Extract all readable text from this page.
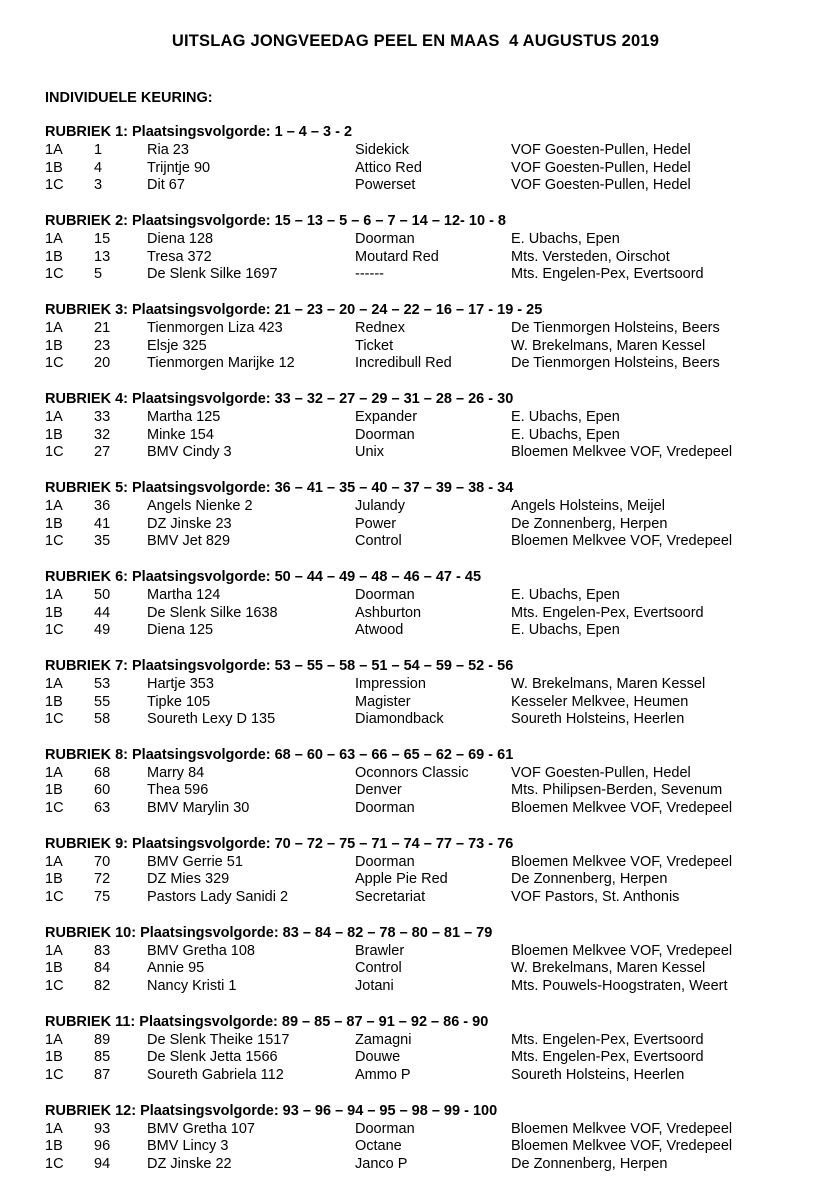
UITSLAG JONGVEEDAG PEEL EN MAAS  4 AUGUSTUS 2019
INDIVIDUELE KEURING:
RUBRIEK 1: Plaatsingsvolgorde: 1 – 4 – 3 - 2
1A 1	Ria 23	Sidekick	VOF Goesten-Pullen, Hedel
1B 4	Trijntje 90	Attico Red	VOF Goesten-Pullen, Hedel
1C 3	Dit 67	Powerset	VOF Goesten-Pullen, Hedel
RUBRIEK 2: Plaatsingsvolgorde: 15 – 13 – 5 – 6 – 7 – 14 – 12- 10 - 8
1A 15	Diena 128	Doorman	E. Ubachs, Epen
1B 13	Tresa 372	Moutard Red	Mts. Versteden, Oirschot
1C 5	De Slenk Silke 1697	------	Mts. Engelen-Pex, Evertsoord
RUBRIEK 3: Plaatsingsvolgorde: 21 – 23 – 20 – 24 – 22 – 16 – 17 - 19 - 25
1A 21	Tienmorgen Liza 423	Rednex	De Tienmorgen Holsteins, Beers
1B 23	Elsje 325	Ticket	W. Brekelmans, Maren Kessel
1C 20	Tienmorgen Marijke 12	Incredibull Red	De Tienmorgen Holsteins, Beers
RUBRIEK 4: Plaatsingsvolgorde: 33 – 32 – 27 – 29 – 31 – 28 – 26 - 30
1A 33	Martha 125	Expander	E. Ubachs, Epen
1B 32	Minke 154	Doorman	E. Ubachs, Epen
1C 27	BMV Cindy 3	Unix	Bloemen Melkvee VOF, Vredepeel
RUBRIEK 5: Plaatsingsvolgorde: 36 – 41 – 35 – 40 – 37 – 39 – 38 - 34
1A 36	Angels Nienke 2	Julandy	Angels Holsteins, Meijel
1B 41	DZ Jinske 23	Power	De Zonnenberg, Herpen
1C 35	BMV Jet 829	Control	Bloemen Melkvee VOF, Vredepeel
RUBRIEK 6: Plaatsingsvolgorde: 50 – 44 – 49 – 48 – 46 – 47 - 45
1A 50	Martha 124	Doorman	E. Ubachs, Epen
1B 44	De Slenk Silke 1638	Ashburton	Mts. Engelen-Pex, Evertsoord
1C 49	Diena 125	Atwood	E. Ubachs, Epen
RUBRIEK 7: Plaatsingsvolgorde: 53 – 55 – 58 – 51 – 54 – 59 – 52 - 56
1A 53	Hartje 353	Impression	W. Brekelmans, Maren Kessel
1B 55	Tipke 105	Magister	Kesseler Melkvee, Heumen
1C 58	Soureth Lexy D 135	Diamondback	Soureth Holsteins, Heerlen
RUBRIEK 8: Plaatsingsvolgorde: 68 – 60 – 63 – 66 – 65 – 62 – 69 - 61
1A 68	Marry 84	Oconnors Classic	VOF Goesten-Pullen, Hedel
1B 60	Thea 596	Denver	Mts. Philipsen-Berden, Sevenum
1C 63	BMV Marylin 30	Doorman	Bloemen Melkvee VOF, Vredepeel
RUBRIEK 9: Plaatsingsvolgorde: 70 – 72 – 75 – 71 – 74 – 77 – 73 - 76
1A 70	BMV Gerrie 51	Doorman	Bloemen Melkvee VOF, Vredepeel
1B 72	DZ Mies 329	Apple Pie Red	De Zonnenberg, Herpen
1C 75	Pastors Lady Sanidi 2	Secretariat	VOF Pastors, St. Anthonis
RUBRIEK 10: Plaatsingsvolgorde: 83 – 84 – 82 – 78 – 80 – 81 – 79
1A 83	BMV Gretha 108	Brawler	Bloemen Melkvee VOF, Vredepeel
1B 84	Annie 95	Control	W. Brekelmans, Maren Kessel
1C 82	Nancy Kristi 1	Jotani	Mts. Pouwels-Hoogstraten, Weert
RUBRIEK 11: Plaatsingsvolgorde: 89 – 85 – 87 – 91 – 92 – 86 - 90
1A 89	De Slenk Theike 1517	Zamagni	Mts. Engelen-Pex, Evertsoord
1B 85	De Slenk Jetta 1566	Douwe	Mts. Engelen-Pex, Evertsoord
1C 87	Soureth Gabriela 112	Ammo P	Soureth Holsteins, Heerlen
RUBRIEK 12: Plaatsingsvolgorde: 93 – 96 – 94 – 95 – 98 – 99 - 100
1A 93	BMV Gretha 107	Doorman	Bloemen Melkvee VOF, Vredepeel
1B 96	BMV Lincy 3	Octane	Bloemen Melkvee VOF, Vredepeel
1C 94	DZ Jinske 22	Janco P	De Zonnenberg, Herpen
